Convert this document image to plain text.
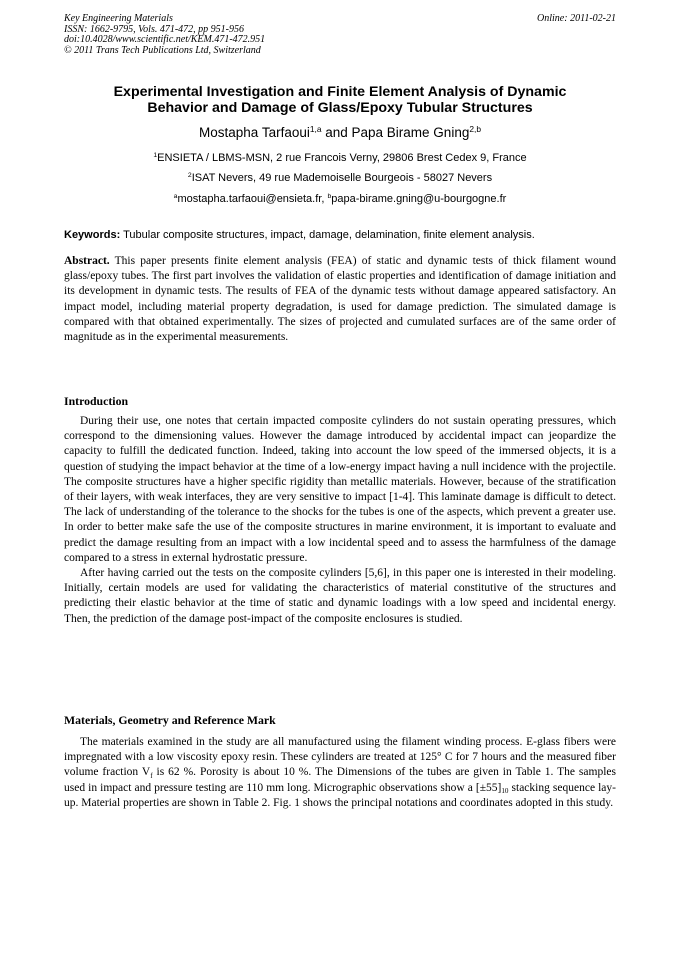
Key Engineering Materials
ISSN: 1662-9795, Vols. 471-472, pp 951-956
doi:10.4028/www.scientific.net/KEM.471-472.951
© 2011 Trans Tech Publications Ltd, Switzerland
Online: 2011-02-21
Experimental Investigation and Finite Element Analysis of Dynamic
Behavior and Damage of Glass/Epoxy Tubular Structures
Mostapha Tarfaoui$^{1,a}$ and Papa Birame Gning$^{2,b}$
$^1$ENSIETA / LBMS-MSN, 2 rue Francois Verny, 29806 Brest Cedex 9, France
$^2$ISAT Nevers, 49 rue Mademoiselle Bourgeois - 58027 Nevers
$^a$mostapha.tarfaoui@ensieta.fr, $^b$papa-birame.gning@u-bourgogne.fr
Keywords: Tubular composite structures, impact, damage, delamination, finite element analysis.
Abstract. This paper presents finite element analysis (FEA) of static and dynamic tests of thick filament wound glass/epoxy tubes. The first part involves the validation of elastic properties and identification of damage initiation and its development in dynamic tests. The results of FEA of the dynamic tests without damage appeared satisfactory. An impact model, including material property degradation, is used for damage prediction. The simulated damage is compared with that obtained experimentally. The sizes of projected and cumulated surfaces are of the same order of magnitude as in the experimental measurements.
Introduction

During their use, one notes that certain impacted composite cylinders do not sustain operating pressures, which correspond to the dimensioning values. However the damage introduced by accidental impact can jeopardize the capacity to fulfill the dedicated function. Indeed, taking into account the low speed of the immersed objects, it is a question of studying the impact behavior at the time of a low-energy impact having a null incidence with the projectile. The composite structures have a higher specific rigidity than metallic materials. However, because of the stratification of their layers, with weak interfaces, they are very sensitive to impact [1-4]. This laminate damage is difficult to detect. The lack of understanding of the tolerance to the shocks for the tubes is one of the aspects, which prevent a greater use. In order to better make safe the use of the composite structures in marine environment, it is important to evaluate and predict the damage resulting from an impact with a low incidental speed and to assess the harmfulness of the damage compared to a stress in external hydrostatic pressure.

After having carried out the tests on the composite cylinders [5,6], in this paper one is interested in their modeling. Initially, certain models are used for validating the characteristics of material constitutive of the structures and predicting their elastic behavior at the time of static and dynamic loadings with a low speed and incidental energy. Then, the prediction of the damage post-impact of the composite enclosures is studied.

Materials, Geometry and Reference Mark

The materials examined in the study are all manufactured using the filament winding process. E-glass fibers were impregnated with a low viscosity epoxy resin. These cylinders are treated at 125° C for 7 hours and the measured fiber volume fraction $V_f$ is 62 %. Porosity is about 10 %. The Dimensions of the tubes are given in Table 1. The samples used in impact and pressure testing are 110 mm long. Micrographic observations show a $[\pm 55]_{10}$ stacking sequence lay-up. Material properties are shown in Table 2. Fig. 1 shows the principal notations and coordinates adopted in this study.
